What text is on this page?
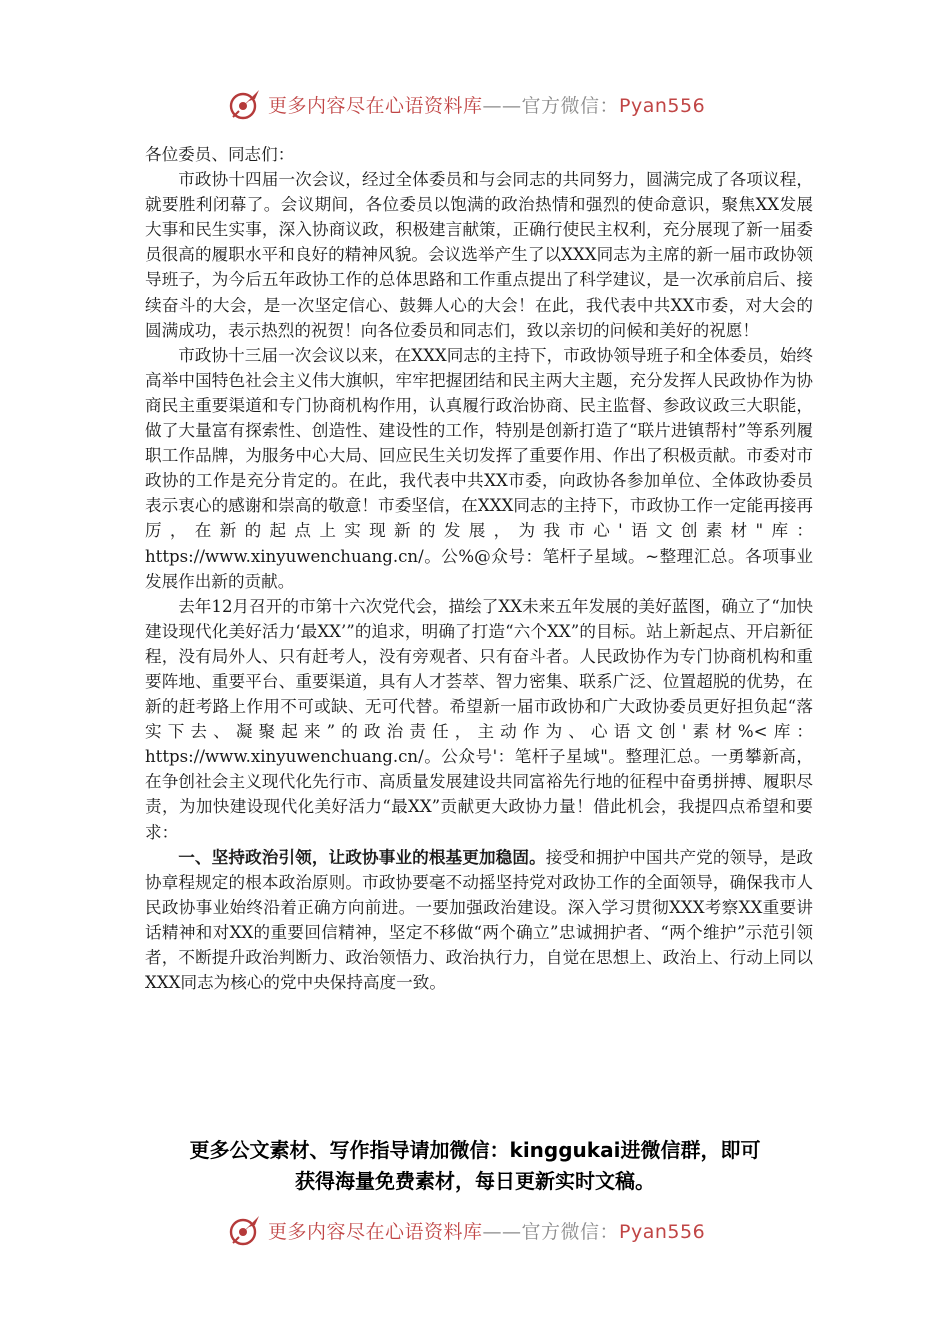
更多内容尽在心语资料库——官方微信：Pyan556

各位委员、同志们：

市政协十四届一次会议，经过全体委员和与会同志的共同努力，圆满完成了各项议程，就要胜利闭幕了。会议期间，各位委员以饱满的政治热情和强烈的使命意识，聚焦XX发展大事和民生实事，深入协商议政，积极建言献策，正确行使民主权利，充分展现了新一届委员很高的履职水平和良好的精神风貌。会议选举产生了以XXX同志为主席的新一届市政协领导班子，为今后五年政协工作的总体思路和工作重点提出了科学建议，是一次承前启后、接续奋斗的大会，是一次坚定信心、鼓舞人心的大会！在此，我代表中共XX市委，对大会的圆满成功，表示热烈的祝贺！向各位委员和同志们，致以亲切的问候和美好的祝愿！

市政协十三届一次会议以来，在XXX同志的主持下，市政协领导班子和全体委员，始终高举中国特色社会主义伟大旗帜，牢牢把握团结和民主两大主题，充分发挥人民政协作为协商民主重要渠道和专门协商机构作用，认真履行政治协商、民主监督、参政议政三大职能，做了大量富有探索性、创造性、建设性的工作，特别是创新打造了“联片进镇帮村”等系列履职工作品牌，为服务中心大局、回应民生关切发挥了重要作用、作出了积极贡献。市委对市政协的工作是充分肯定的。在此，我代表中共XX市委，向政协各参加单位、全体政协委员表示衷心的感谢和崇高的敬意！市委坚信，在XXX同志的主持下，市政协工作一定能再接再厉，在新的起点上实现新的发展，为我市心'语文创素材"库：https://www.xinyuwenchuang.cn/。公%@众号：笔杆子星域。~整理汇总。各项事业发展作出新的贡献。

去年12月召开的市第十六次党代会，描绘了XX未来五年发展的美好蓝图，确立了“加快建设现代化美好活力‘最XX’”的追求，明确了打造“六个XX”的目标。站上新起点、开启新征程，没有局外人、只有赶考人，没有旁观者、只有奋斗者。人民政协作为专门协商机构和重要阵地、重要平台、重要渠道，具有人才荟萃、智力密集、联系广泛、位置超脱的优势，在新的赶考路上作用不可或缺、无可代替。希望新一届市政协和广大政协委员更好担负起“落实下去、凝聚起来”的政治责任，主动作为、心语文创'素材%<库：https://www.xinyuwenchuang.cn/。公众号'：笔杆子星域"。整理汇总。一勇攀新高，在争创社会主义现代化先行市、高质量发展建设共同富裕先行地的征程中奋勇拼搏、履职尽责，为加快建设现代化美好活力“最XX”贡献更大政协力量！借此机会，我提四点希望和要求：

一、坚持政治引领，让政协事业的根基更加稳固。接受和拥护中国共产党的领导，是政协章程规定的根本政治原则。市政协要毫不动摇坚持党对政协工作的全面领导，确保我市人民政协事业始终沿着正确方向前进。一要加强政治建设。深入学习贯彻XXX考察XX重要讲话精神和对XX的重要回信精神，坚定不移做“两个确立”忠诚拥护者、“两个维护”示范引领者，不断提升政治判断力、政治领悟力、政治执行力，自觉在思想上、政治上、行动上同以XXX同志为核心的党中央保持高度一致。

更多公文素材、写作指导请加微信：kinggukai进微信群，即可
获得海量免费素材，每日更新实时文稿。
更多内容尽在心语资料库——官方微信：Pyan556
